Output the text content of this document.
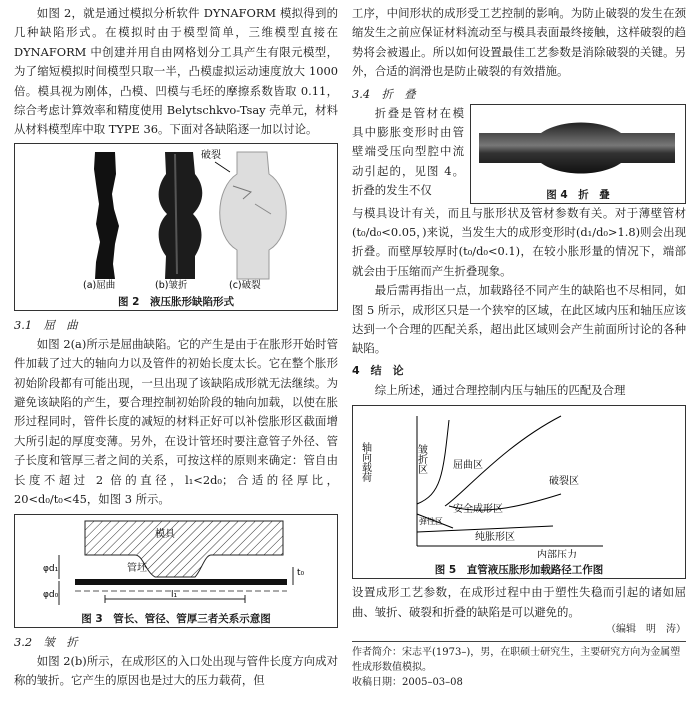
如图 2，就是通过模拟分析软件 DYNAFORM 模拟得到的几种缺陷形式。在模拟时由于模型简单，三维模型直接在 DYNAFORM 中创建并用自由网格划分工具产生有限元模型，为了缩短模拟时间模型只取一半，凸模虚拟运动速度放大 1000 倍。模具视为刚体，凸模、凹模与毛坯的摩擦系数皆取 0.11，综合考虑计算效率和精度使用 Belytschkvo-Tsay 壳单元，材料从材料模型库中取 TYPE 36。下面对各缺陷逐一加以讨论。

破裂
(a)屈曲	(b)皱折	(c)破裂
图 2　液压胀形缺陷形式
3.1　屈　曲

如图 2(a)所示是屈曲缺陷。它的产生是由于在胀形开始时管件加载了过大的轴向力以及管件的初始长度太长。它在整个胀形初始阶段都有可能出现，一旦出现了该缺陷成形就无法继续。为避免该缺陷的产生，要合理控制初始阶段的轴向加载，以使在胀形过程同时，管件长度的减短的材料正好可以补偿胀形区截面增大所引起的厚度变薄。另外，在设计管坯时要注意管子外径、管子长度和管厚三者之间的关系，可按这样的原则来确定：管自由长度不超过 2 倍的直径，l₁<2d₀；合适的径厚比，20<d₀/t₀<45，如图 3 所示。

模具
管坯
φd₁
φd₀	l₁
t₀
图 3　管长、管径、管厚三者关系示意图
3.2　皱　折

如图 2(b)所示，在成形区的入口处出现与管件长度方向成对称的皱折。它产生的原因也是过大的压力载荷，但

工序，中间形状的成形受工艺控制的影响。为防止破裂的发生在颈缩发生之前应保证材料流动至与模具表面最终接触，这样破裂的趋势将会被遏止。所以如何设置最佳工艺参数是消除破裂的关键。另外，合适的润滑也是防止破裂的有效措施。

3.4　折　叠
图 4　折　叠

折叠是管材在模具中膨胀变形时由管壁端受压向型腔中流动引起的，见图 4。折叠的发生不仅

与模具设计有关，而且与胀形状及管材参数有关。对于薄壁管材(t₀/d₀<0.05，)来说，当发生大的成形变形时(d₁/d₀>1.8)则会出现折叠。而壁厚较厚时(t₀/d₀<0.1)，在较小胀形量的情况下，端部就会由于压缩而产生折叠现象。

最后需再指出一点，加载路径不同产生的缺陷也不尽相同，如图 5 所示，成形区只是一个狭窄的区域，在此区域内压和轴压应该达到一个合理的匹配关系，超出此区域则会产生前面所讨论的各种缺陷。

4　结　论

综上所述，通过合理控制内压与轴压的匹配及合理

轴向载荷
内部压力
皱折区	屈曲区
破裂区
安全成形区
弹性区
纯胀形区
图 5　直管液压胀形加载路径工作图

设置成形工艺参数，在成形过程中由于塑性失稳而引起的诸如屈曲、皱折、破裂和折叠的缺陷是可以避免的。

（编辑　明　涛）
作者简介：宋志平(1973–)，男，在职硕士研究生，主要研究方向为金属塑性成形数值模拟。
收稿日期：2005–03–08
